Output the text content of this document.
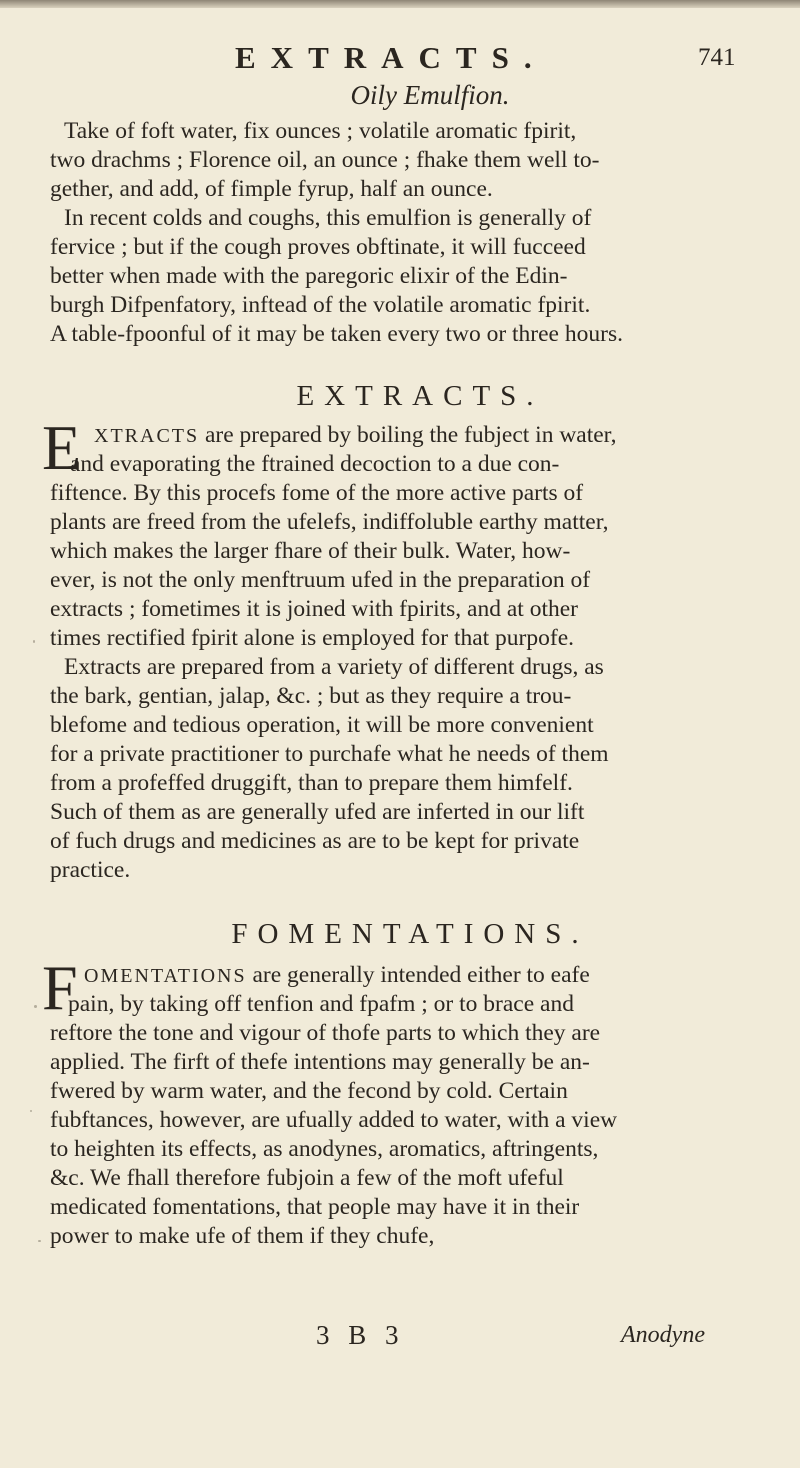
EXTRACTS.	741
Oily Emulfion.
Take of foft water, fix ounces ; volatile aromatic fpirit,
two drachms ; Florence oil, an ounce ; fhake them well to-
gether, and add, of fimple fyrup, half an ounce.
In recent colds and coughs, this emulfion is generally of
fervice ; but if the cough proves obftinate, it will fucceed
better when made with the paregoric elixir of the Edin-
burgh Difpenfatory, inftead of the volatile aromatic fpirit.
A table-fpoonful of it may be taken every two or three hours.
EXTRACTS.
E XTRACTS are prepared by boiling the fubject in water,
and evaporating the ftrained decoction to a due con-
fiftence. By this procefs fome of the more active parts of
plants are freed from the ufelefs, indiffoluble earthy matter,
which makes the larger fhare of their bulk. Water, how-
ever, is not the only menftruum ufed in the preparation of
extracts ; fometimes it is joined with fpirits, and at other
times rectified fpirit alone is employed for that purpofe.
Extracts are prepared from a variety of different drugs, as
the bark, gentian, jalap, &c. ; but as they require a trou-
blefome and tedious operation, it will be more convenient
for a private practitioner to purchafe what he needs of them
from a profeffed druggift, than to prepare them himfelf.
Such of them as are generally ufed are inferted in our lift
of fuch drugs and medicines as are to be kept for private
practice.
FOMENTATIONS.
F OMENTATIONS are generally intended either to eafe
pain, by taking off tenfion and fpafm ; or to brace and
reftore the tone and vigour of thofe parts to which they are
applied. The firft of thefe intentions may generally be an-
fwered by warm water, and the fecond by cold. Certain
fubftances, however, are ufually added to water, with a view
to heighten its effects, as anodynes, aromatics, aftringents,
&c. We fhall therefore fubjoin a few of the moft ufeful
medicated fomentations, that people may have it in their
power to make ufe of them if they chufe,
3 B 3	Anodyne
